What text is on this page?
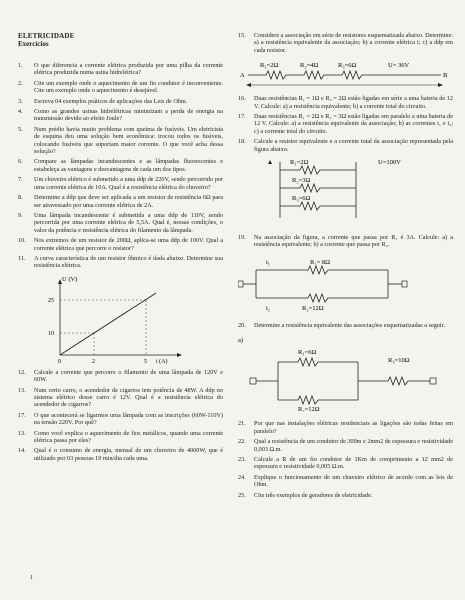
ELETRICIDADE
Exercícios
1.	O que diferencia a corrente elétrica produzida por uma pilha da corrente elétrica produzida numa usina hidrelétrica?
2.	Cite um exemplo onde o aquecimento de um fio condutor é inconveniente. Cite um exemplo onde o aquecimento é desejável.
3.	Escreva 04 exemplos práticos de aplicações das Leis de Ohm.
4.	Como as grandes usinas hidrelétricas minimizam a perda de energia na transmissão devido ao efeito Joule?
5.	Num prédio havia muito problema com queima de fusíveis. Um eletricista de esquina deu uma solução bem econômica: trocou todos os fusíveis, colocando fusíveis que suportam maior corrente. O que você acha dessa solução?
6.	Compare as lâmpadas incandescentes e as lâmpadas fluorescentes e estabeleça as vantagens e desvantagens de cada um dos tipos.
7.	Um chuveiro elétrico é submetido a uma ddp de 220V, sendo percorrido por uma corrente elétrica de 10A. Qual é a resistência elétrica do chuveiro?
8.	Determine a ddp que deve ser aplicada a um resistor de resistência 6Ω para ser atravessado por uma corrente elétrica de 2A.
9.	Uma lâmpada incandescente é submetida a uma ddp de 110V, sendo percorrida por uma corrente elétrica de 5,5A. Qual é, nessas condições, o valor da potência e resistência elétrica do filamento da lâmpada.
10.	Nos extremos de um resistor de 200Ω, aplica-se uma ddp de 100V. Qual a corrente elétrica que percorre o resistor?
11.	A curva característica de um resistor ôhmico é dada abaixo. Determine sua resistência elétrica.
U (V)
25
10
0	2	5 i (A)
12.	Calcule a corrente que percorre o filamento de uma lâmpada de 120V e 60W.
13.	Num certo carro, o acendedor de cigarros tem potência de 48W. A ddp no sistema elétrico desse carro é 12V. Qual é a resistência elétrica do acendedor de cigarros?
17.	O que acontecerá se ligarmos uma lâmpada com as inscrições (60W-110V) na tensão 220V. Por quê?
13.	Como você explica o aquecimento de fios metálicos, quando uma corrente elétrica passa por eles?
14.	Qual é o consumo de energia, mensal de um chuveiro de 4000W, que é utilizado por 03 pessoas 10 min/dia cada uma.
15.	Considere a associação em série de resistores esquematizada abaixo. Determine: a) a resistência equivalente da associação; b) a corrente elétrica i; c) a ddp em cada resistor.
R₁=2Ω	R₂=4Ω	R₃=6Ω	U= 36V
A	B
16.	Duas resistências R₁ = 1Ω e R₂ = 2Ω estão ligadas em série a uma bateria de 12 V. Calcule: a) a resistência equivalente; b) a corrente total do circuito.
17.	Duas resistências R₁ = 2Ω e R₂ = 3Ω estão ligadas em paralelo a uma bateria de 12 V. Calcule: a) a resistência equivalente da associação; b) as correntes i₁ e i₂; c) a corrente total do circuito.
18.	Calcule a resistor equivalente e a corrente total da associação representada pela figura abaixo.
R₁=2Ω	U=100V
R₂=3Ω
R₃=6Ω
19.	Na associação da figura, a corrente que passa por R₁ é 3A. Calcule: a) a resistência equivalente; b) a corrente que passa por R₂.
i₁	R₁= 8Ω
i₂	R₂=12Ω
20.	Determine a resistência equivalente das associações esquematizadas a seguir.
a)
R₁=6Ω
R₃=10Ω
R₂=12Ω
21.	Por que nas instalações elétricas residenciais as ligações são todas feitas em paralelo?
22.	Qual a resistência de um condutor de 300m e 2mm2 de espessura e resistividade 0,003 Ω.m.
23.	Calcule a R de um fio condutor de 1Km de comprimento a 12 mm2 de espessura e resistividade 0,005 Ω.m.
24.	Explique o funcionamento de um chuveiro elétrico de acordo com as leis de Ohm.
25.	Cite três exemplos de geradores de eletricidade.
1
